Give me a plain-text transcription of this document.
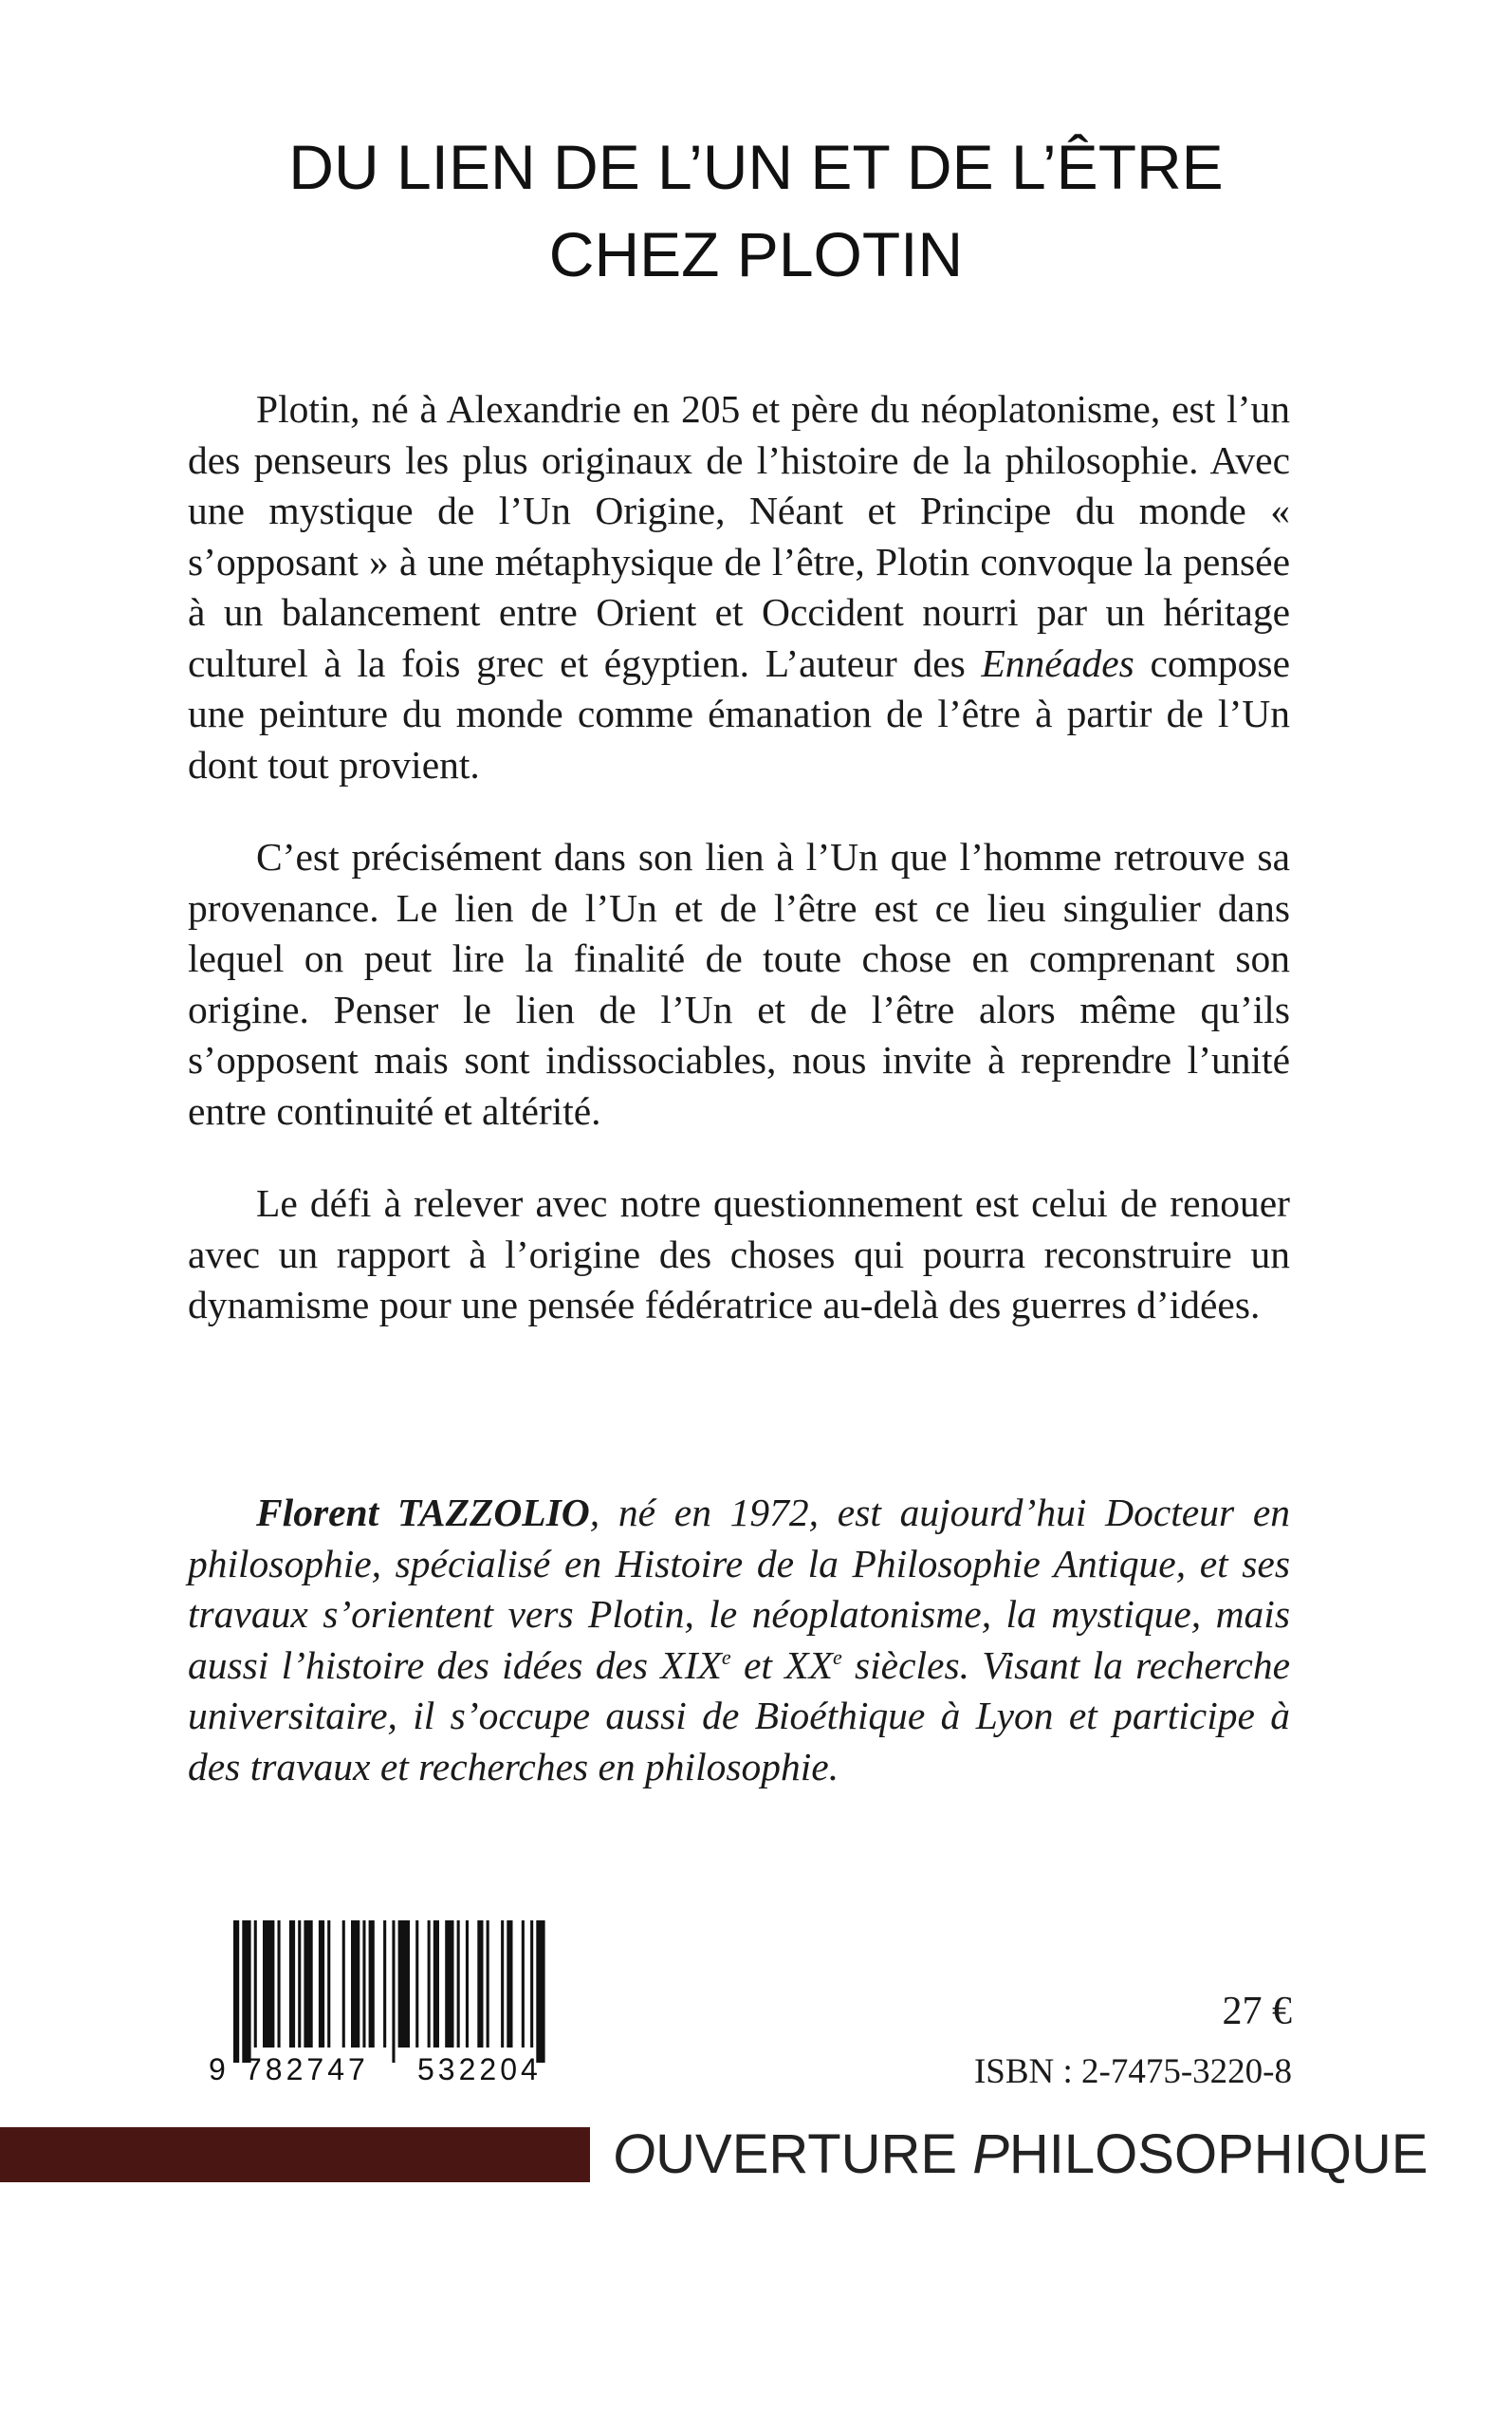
DU LIEN DE L’UN ET DE L’ÊTRE
CHEZ PLOTIN

Plotin, né à Alexandrie en 205 et père du néoplatonisme, est l’un des penseurs les plus originaux de l’histoire de la philosophie. Avec une mystique de l’Un Origine, Néant et Principe du monde « s’opposant » à une métaphysique de l’être, Plotin convoque la pensée à un balancement entre Orient et Occident nourri par un héritage culturel à la fois grec et égyptien. L’auteur des Ennéades compose une peinture du monde comme émanation de l’être à partir de l’Un dont tout provient.

C’est précisément dans son lien à l’Un que l’homme retrouve sa provenance. Le lien de l’Un et de l’être est ce lieu singulier dans lequel on peut lire la finalité de toute chose en comprenant son origine. Penser le lien de l’Un et de l’être alors même qu’ils s’opposent mais sont indissociables, nous invite à reprendre l’unité entre continuité et altérité.

Le défi à relever avec notre questionnement est celui de renouer avec un rapport à l’origine des choses qui pourra reconstruire un dynamisme pour une pensée fédératrice au-delà des guerres d’idées.

Florent TAZZOLIO, né en 1972, est aujourd’hui Docteur en philosophie, spécialisé en Histoire de la Philosophie Antique, et ses travaux s’orientent vers Plotin, le néoplatonisme, la mystique, mais aussi l’histoire des idées des XIXe et XXe siècles. Visant la recherche universitaire, il s’occupe aussi de Bioéthique à Lyon et participe à des travaux et recherches en philosophie.

9 782747 532204
27 €
ISBN : 2-7475-3220-8
OUVERTURE PHILOSOPHIQUE
